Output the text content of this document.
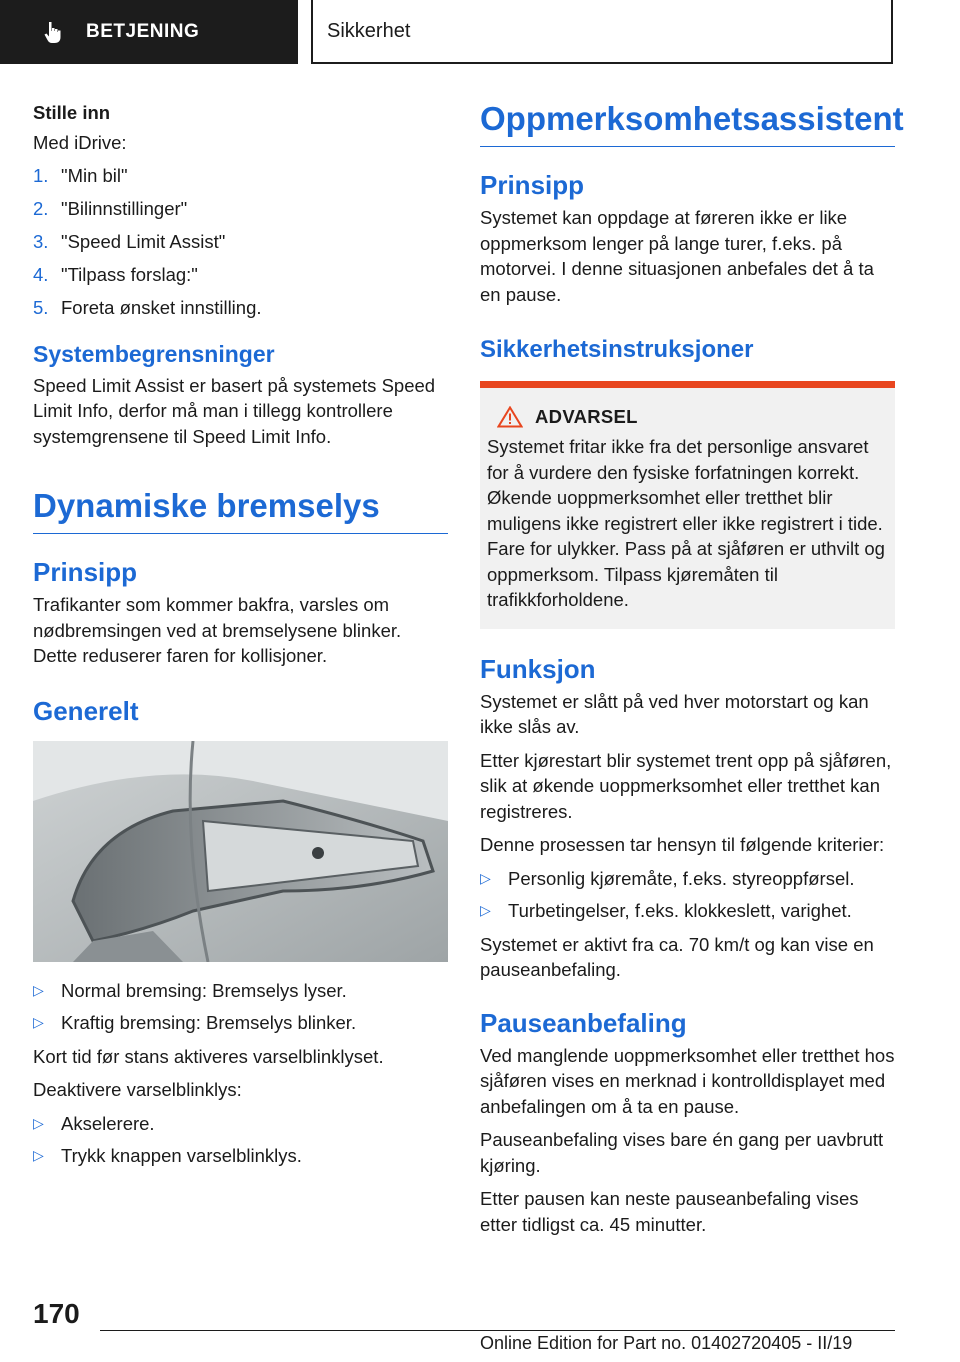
BETJENING	Sikkerhet

Stille inn

Med iDrive:

1. "Min bil"
2. "Bilinnstillinger"
3. "Speed Limit Assist"
4. "Tilpass forslag:"
5. Foreta ønsket innstilling.
Systembegrensninger

Speed Limit Assist er basert på systemets Speed Limit Info, derfor må man i tillegg kontrollere systemgrensene til Speed Limit Info.

Dynamiske bremselys
Prinsipp

Trafikanter som kommer bakfra, varsles om nødbremsingen ved at bremselysene blinker. Dette reduserer faren for kollisjoner.

Generelt
▷ Normal bremsing: Bremselys lyser.
▷ Kraftig bremsing: Bremselys blinker.

Kort tid før stans aktiveres varselblinklyset.

Deaktivere varselblinklys:

▷ Akselerere.
▷ Trykk knappen varselblinklys.
Oppmerksomhetsassistent
Prinsipp

Systemet kan oppdage at føreren ikke er like oppmerksom lenger på lange turer, f.eks. på motorvei. I denne situasjonen anbefales det å ta en pause.

Sikkerhetsinstruksjoner
ADVARSEL

Systemet fritar ikke fra det personlige ansvaret for å vurdere den fysiske forfatningen korrekt. Økende uoppmerksomhet eller tretthet blir muligens ikke registrert eller ikke registrert i tide. Fare for ulykker. Pass på at sjåføren er uthvilt og oppmerksom. Tilpass kjøremåten til trafikkforholdene.

Funksjon

Systemet er slått på ved hver motorstart og kan ikke slås av.

Etter kjørestart blir systemet trent opp på sjåføren, slik at økende uoppmerksomhet eller tretthet kan registreres.

Denne prosessen tar hensyn til følgende kriterier:

▷ Personlig kjøremåte, f.eks. styreoppførsel.
▷ Turbetingelser, f.eks. klokkeslett, varighet.

Systemet er aktivt fra ca. 70 km/t og kan vise en pauseanbefaling.

Pauseanbefaling

Ved manglende uoppmerksomhet eller tretthet hos sjåføren vises en merknad i kontrolldisplayet med anbefalingen om å ta en pause.

Pauseanbefaling vises bare én gang per uavbrutt kjøring.

Etter pausen kan neste pauseanbefaling vises etter tidligst ca. 45 minutter.

170
Online Edition for Part no. 01402720405 - II/19
